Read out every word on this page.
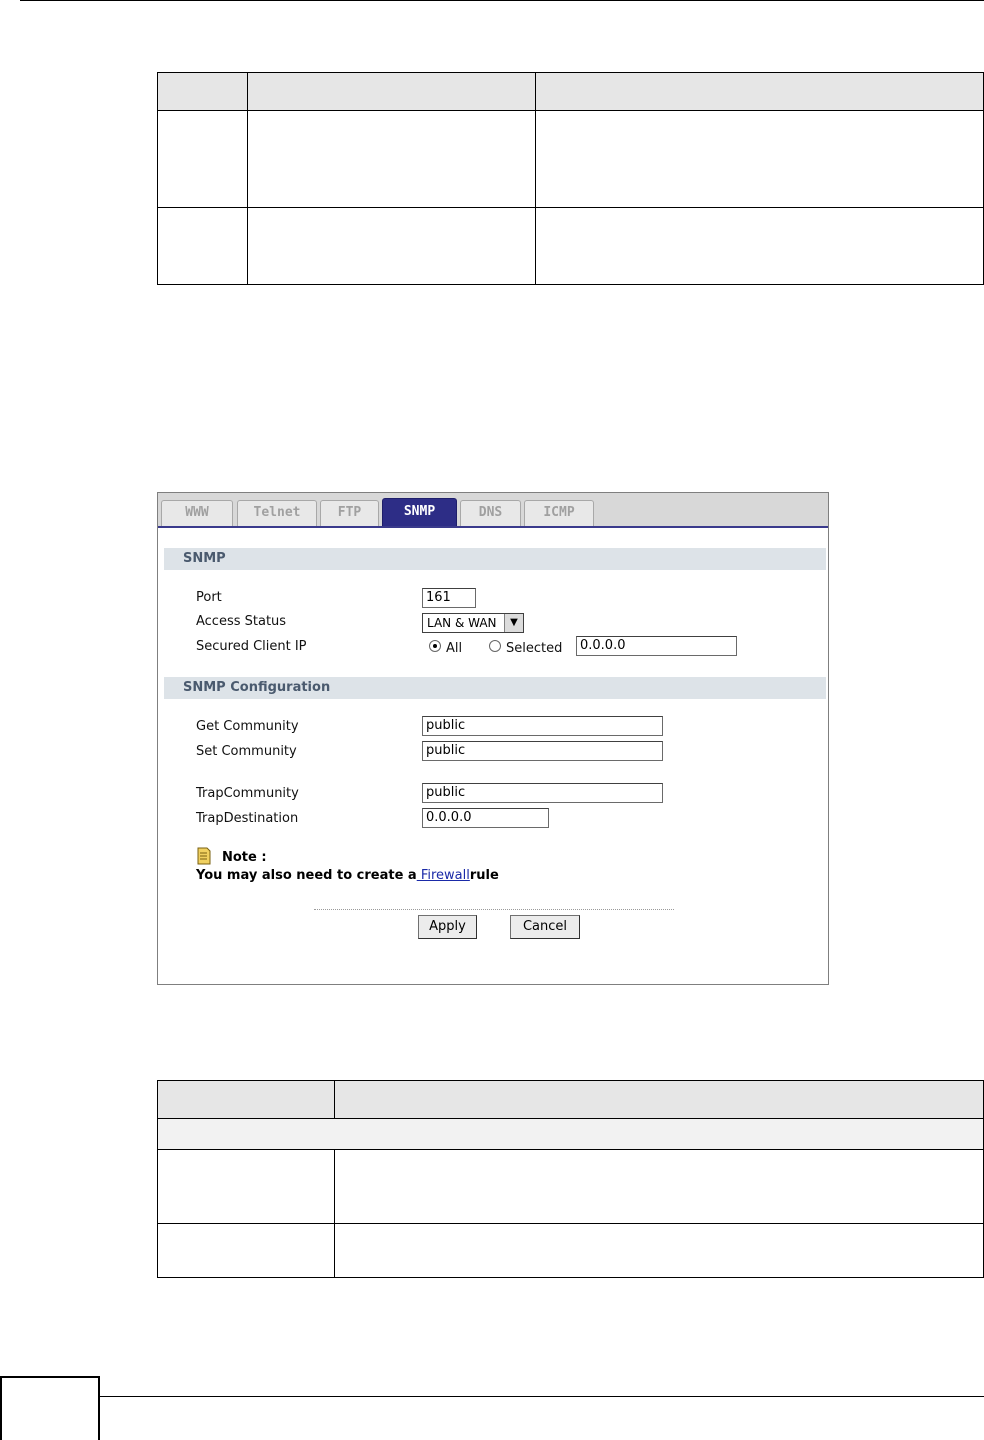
WWW	Telnet	FTP	SNMP	DNS	ICMP
SNMP
Port	161
Access Status	LAN & WAN	▼
Secured Client IP	All	Selected	0.0.0.0
SNMP Configuration
Get Community	public
Set Community	public
TrapCommunity	public
TrapDestination	0.0.0.0
Note :
You may also need to create a Firewallrule
Apply	Cancel
